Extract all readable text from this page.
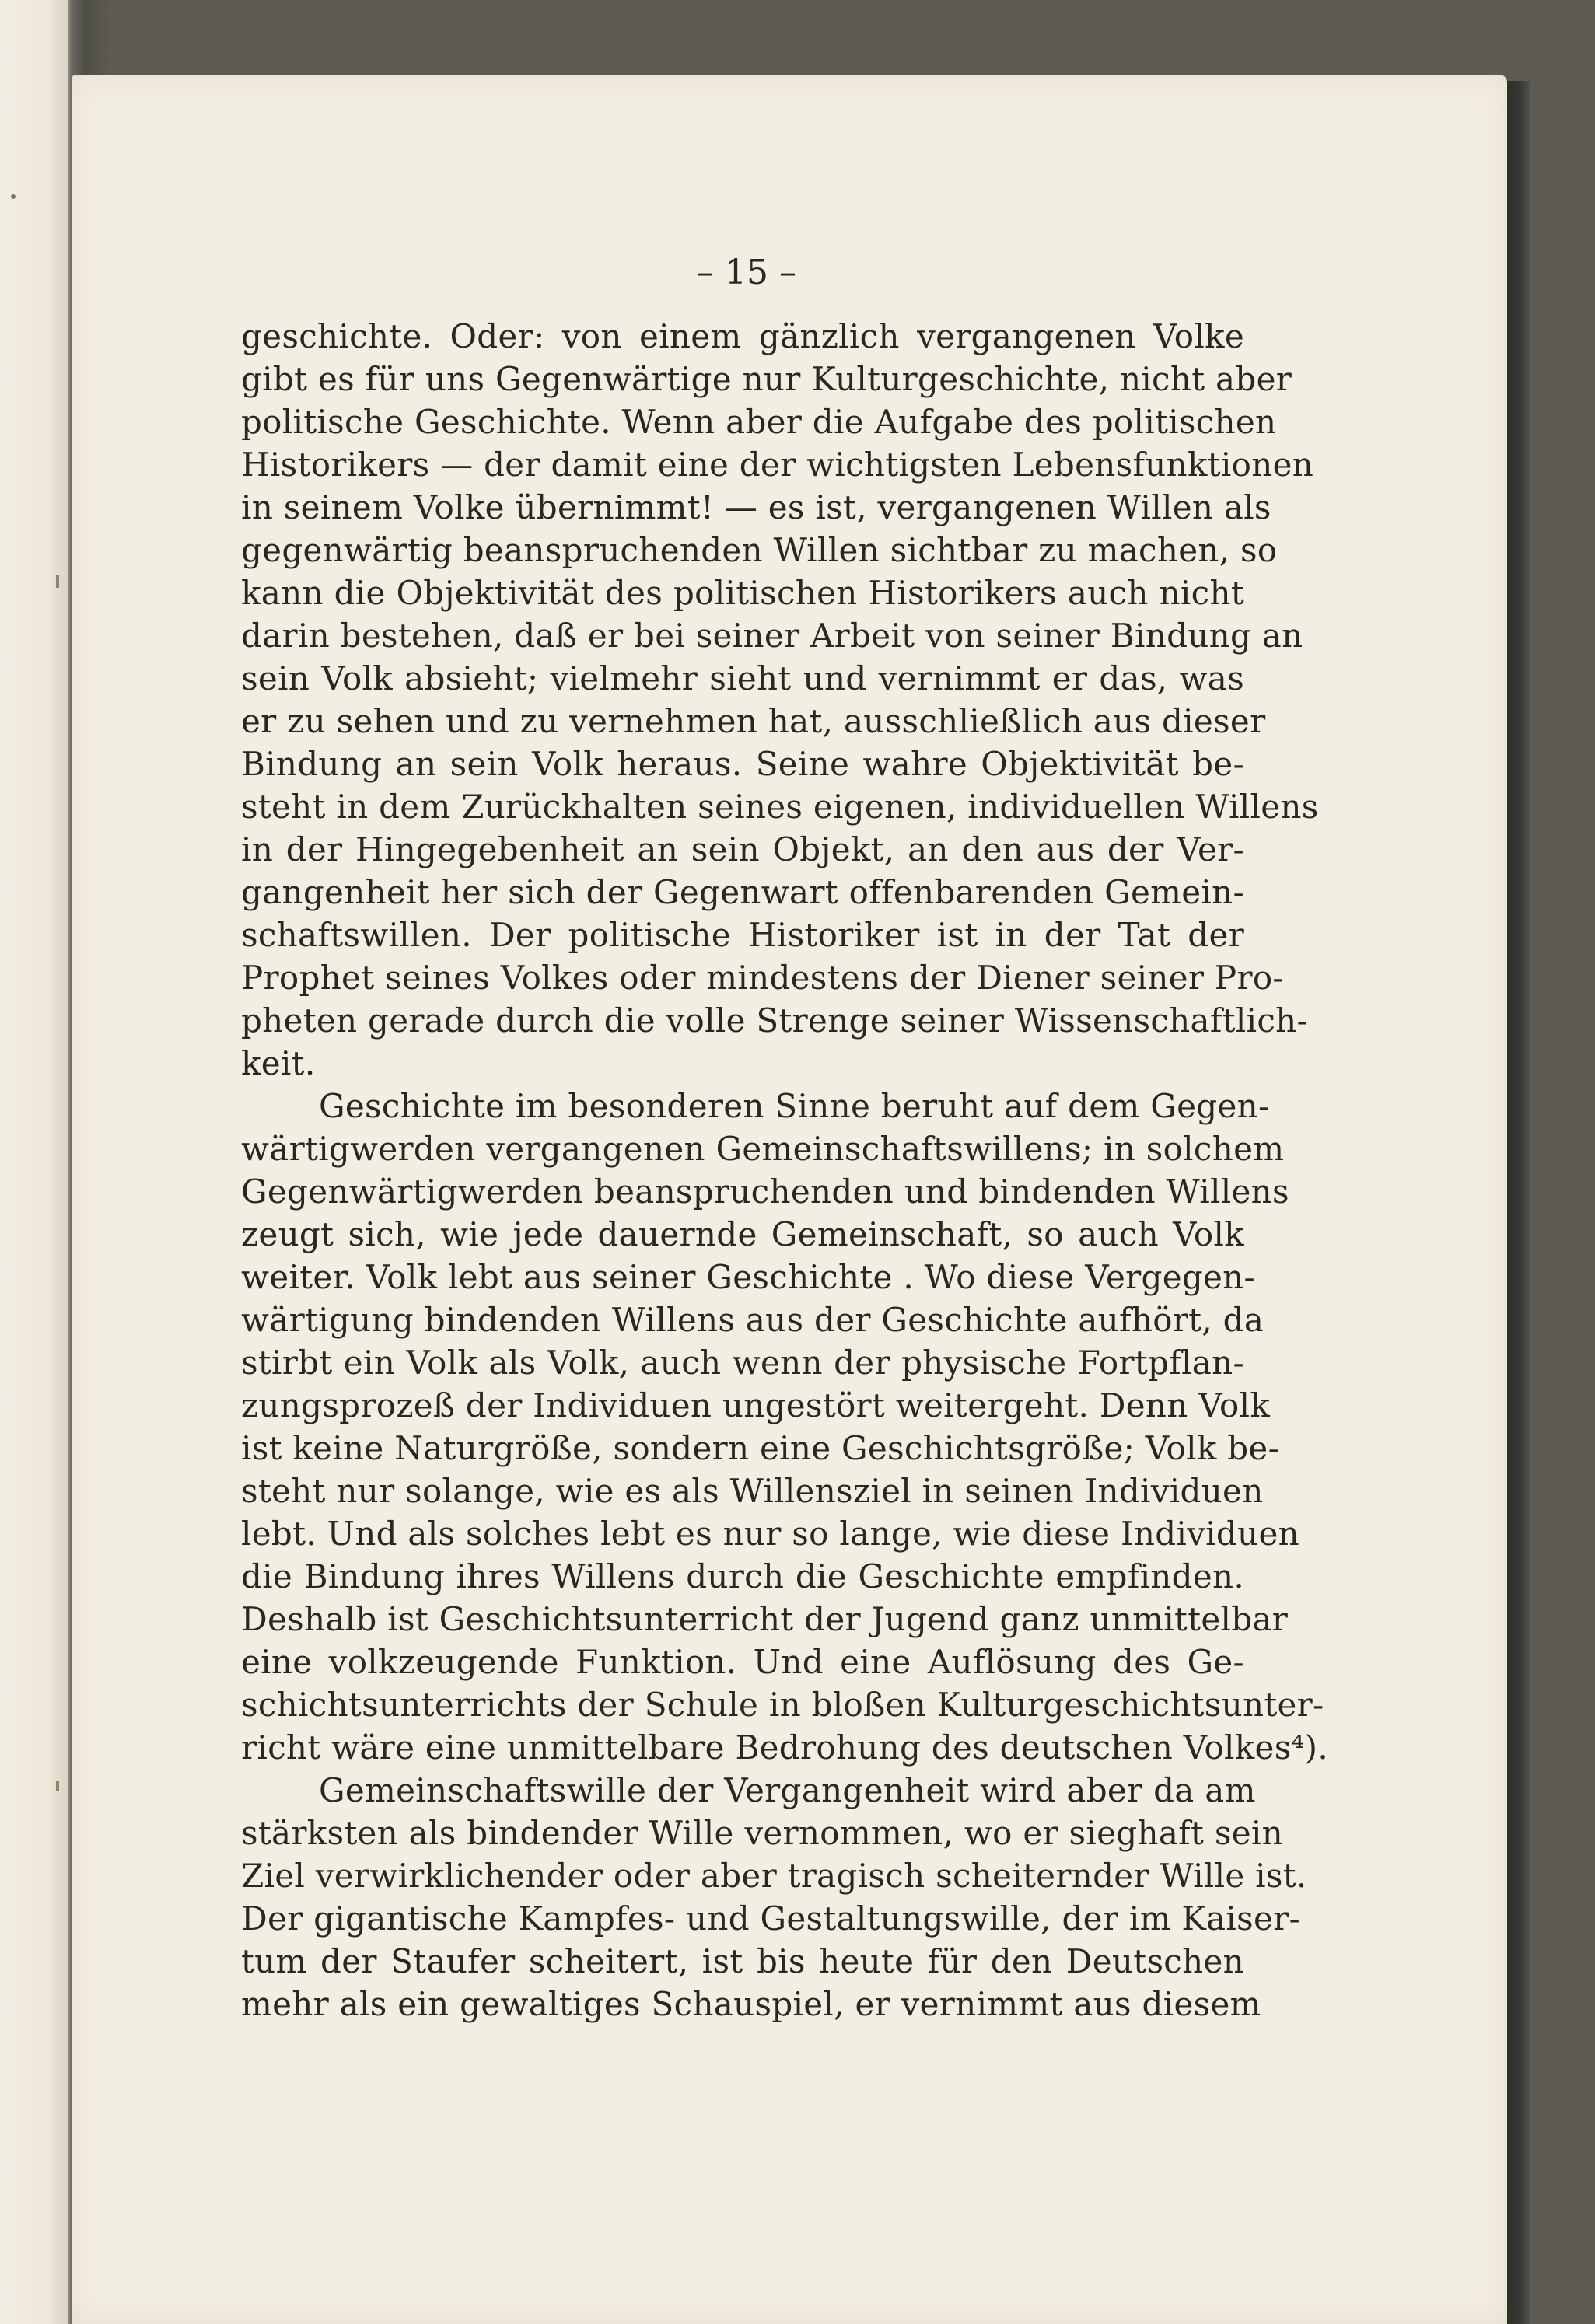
– 15 –
geschichte. Oder: von einem gänzlich vergangenen Volke
gibt es für uns Gegenwärtige nur Kulturgeschichte, nicht aber
politische Geschichte. Wenn aber die Aufgabe des politischen
Historikers — der damit eine der wichtigsten Lebensfunktionen
in seinem Volke übernimmt! — es ist, vergangenen Willen als
gegenwärtig beanspruchenden Willen sichtbar zu machen, so
kann die Objektivität des politischen Historikers auch nicht
darin bestehen, daß er bei seiner Arbeit von seiner Bindung an
sein Volk absieht; vielmehr sieht und vernimmt er das, was
er zu sehen und zu vernehmen hat, ausschließlich aus dieser
Bindung an sein Volk heraus. Seine wahre Objektivität be-
steht in dem Zurückhalten seines eigenen, individuellen Willens
in der Hingegebenheit an sein Objekt, an den aus der Ver-
gangenheit her sich der Gegenwart offenbarenden Gemein-
schaftswillen. Der politische Historiker ist in der Tat der
Prophet seines Volkes oder mindestens der Diener seiner Pro-
pheten gerade durch die volle Strenge seiner Wissenschaftlich-
keit.
Geschichte im besonderen Sinne beruht auf dem Gegen-
wärtigwerden vergangenen Gemeinschaftswillens; in solchem
Gegenwärtigwerden beanspruchenden und bindenden Willens
zeugt sich, wie jede dauernde Gemeinschaft, so auch Volk
weiter. Volk lebt aus seiner Geschichte . Wo diese Vergegen-
wärtigung bindenden Willens aus der Geschichte aufhört, da
stirbt ein Volk als Volk, auch wenn der physische Fortpflan-
zungsprozeß der Individuen ungestört weitergeht. Denn Volk
ist keine Naturgröße, sondern eine Geschichtsgröße; Volk be-
steht nur solange, wie es als Willensziel in seinen Individuen
lebt. Und als solches lebt es nur so lange, wie diese Individuen
die Bindung ihres Willens durch die Geschichte empfinden.
Deshalb ist Geschichtsunterricht der Jugend ganz unmittelbar
eine volkzeugende Funktion. Und eine Auflösung des Ge-
schichtsunterrichts der Schule in bloßen Kulturgeschichtsunter-
richt wäre eine unmittelbare Bedrohung des deutschen Volkes⁴).
Gemeinschaftswille der Vergangenheit wird aber da am
stärksten als bindender Wille vernommen, wo er sieghaft sein
Ziel verwirklichender oder aber tragisch scheiternder Wille ist.
Der gigantische Kampfes- und Gestaltungswille, der im Kaiser-
tum der Staufer scheitert, ist bis heute für den Deutschen
mehr als ein gewaltiges Schauspiel, er vernimmt aus diesem
